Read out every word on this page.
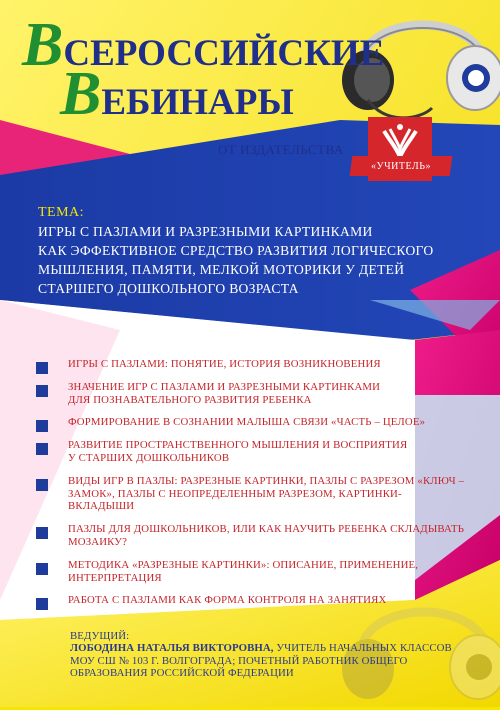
ВСЕРОССИЙСКИЕ
ВЕБИНАРЫ
ОТ ИЗДАТЕЛЬСТВА
«УЧИТЕЛЬ»
ТЕМА:
ИГРЫ С ПАЗЛАМИ И РАЗРЕЗНЫМИ КАРТИНКАМИ
КАК ЭФФЕКТИВНОЕ СРЕДСТВО РАЗВИТИЯ ЛОГИЧЕСКОГО
МЫШЛЕНИЯ, ПАМЯТИ, МЕЛКОЙ МОТОРИКИ У ДЕТЕЙ
СТАРШЕГО ДОШКОЛЬНОГО ВОЗРАСТА
ИГРЫ С ПАЗЛАМИ: ПОНЯТИЕ, ИСТОРИЯ ВОЗНИКНОВЕНИЯ
ЗНАЧЕНИЕ ИГР С ПАЗЛАМИ И РАЗРЕЗНЫМИ КАРТИНКАМИ
ДЛЯ ПОЗНАВАТЕЛЬНОГО РАЗВИТИЯ РЕБЕНКА
ФОРМИРОВАНИЕ В СОЗНАНИИ МАЛЫША СВЯЗИ «ЧАСТЬ – ЦЕЛОЕ»
РАЗВИТИЕ ПРОСТРАНСТВЕННОГО МЫШЛЕНИЯ И ВОСПРИЯТИЯ
У СТАРШИХ ДОШКОЛЬНИКОВ
ВИДЫ ИГР В ПАЗЛЫ: РАЗРЕЗНЫЕ КАРТИНКИ, ПАЗЛЫ С РАЗРЕЗОМ «КЛЮЧ –
ЗАМОК», ПАЗЛЫ С НЕОПРЕДЕЛЕННЫМ РАЗРЕЗОМ, КАРТИНКИ-
ВКЛАДЫШИ
ПАЗЛЫ ДЛЯ ДОШКОЛЬНИКОВ, ИЛИ КАК НАУЧИТЬ РЕБЕНКА СКЛАДЫВАТЬ
МОЗАИКУ?
МЕТОДИКА «РАЗРЕЗНЫЕ КАРТИНКИ»: ОПИСАНИЕ, ПРИМЕНЕНИЕ,
ИНТЕРПРЕТАЦИЯ
РАБОТА С ПАЗЛАМИ КАК ФОРМА КОНТРОЛЯ НА ЗАНЯТИЯХ
ВЕДУЩИЙ:
ЛОБОДИНА НАТАЛЬЯ ВИКТОРОВНА, УЧИТЕЛЬ НАЧАЛЬНЫХ КЛАССОВ
МОУ СШ № 103 Г. ВОЛГОГРАДА; ПОЧЕТНЫЙ РАБОТНИК ОБЩЕГО
ОБРАЗОВАНИЯ РОССИЙСКОЙ ФЕДЕРАЦИИ
